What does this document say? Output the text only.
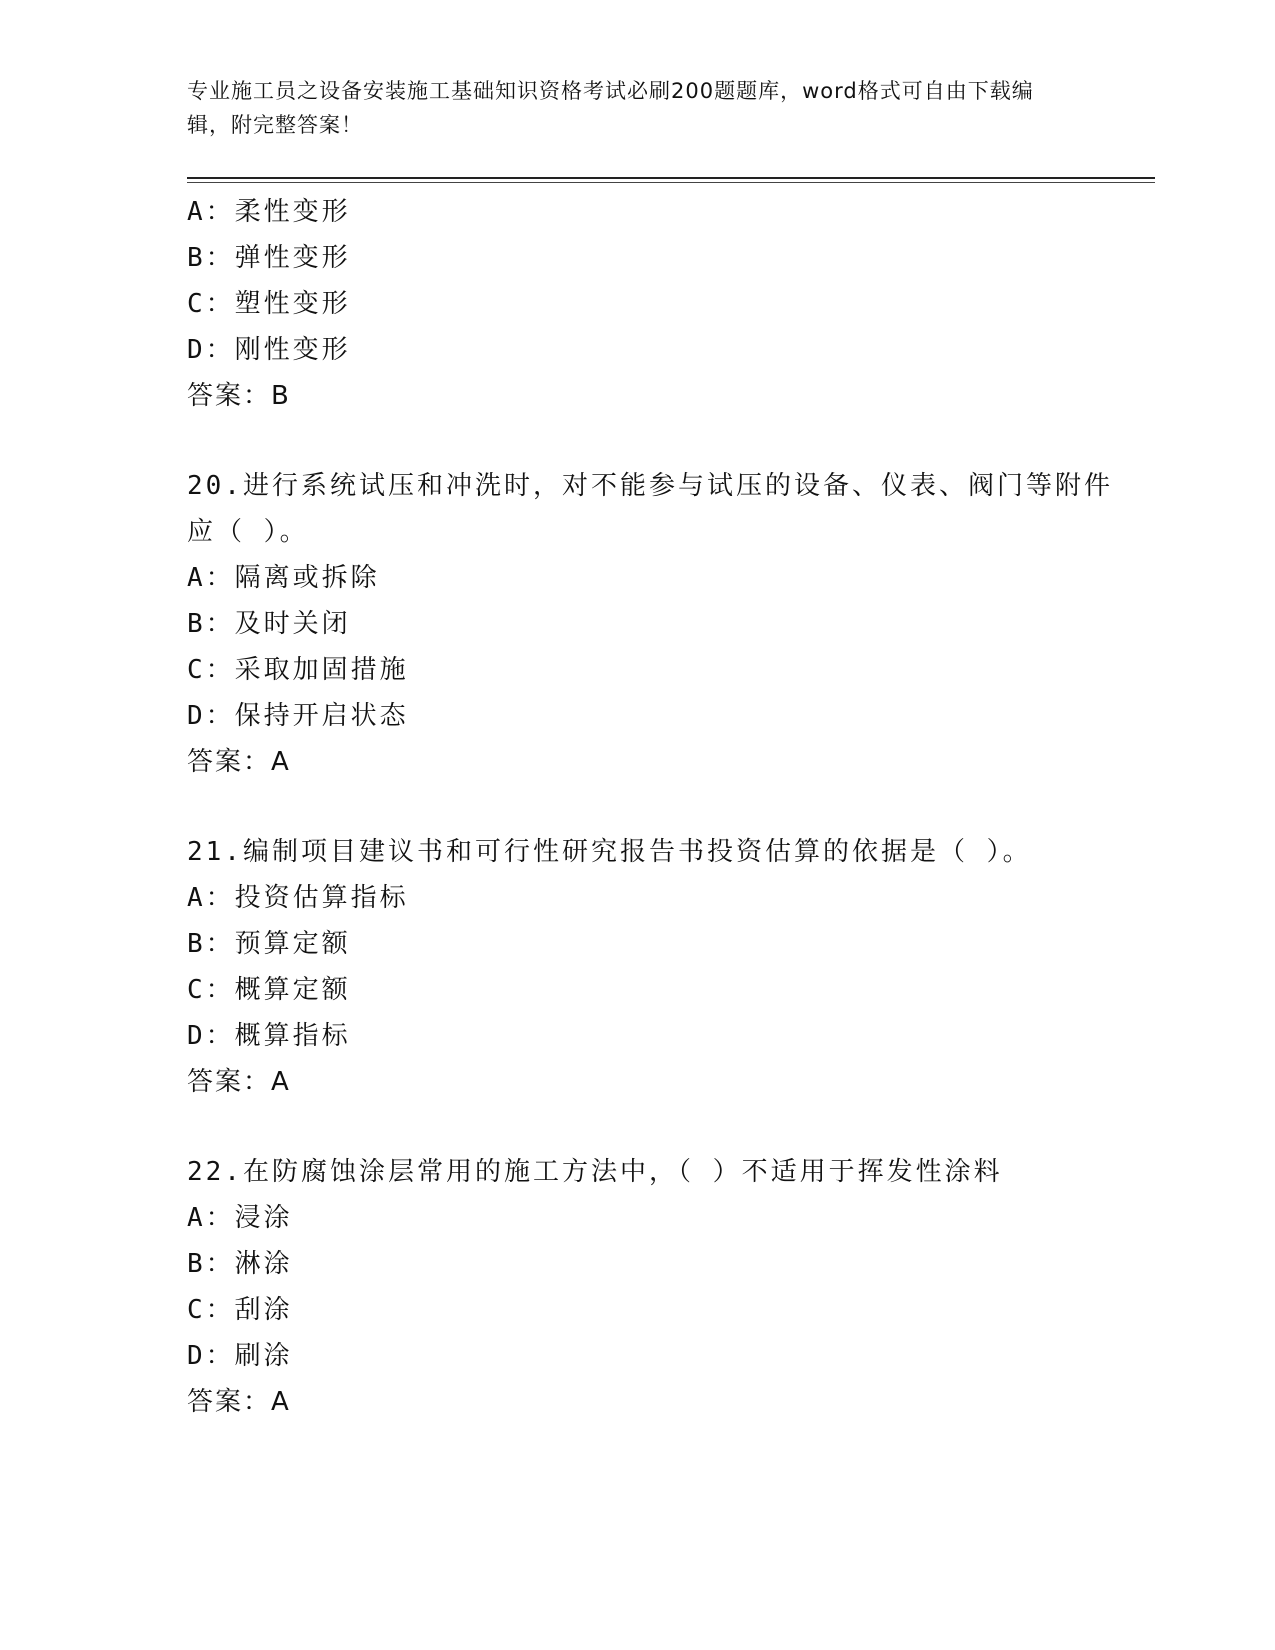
专业施工员之设备安装施工基础知识资格考试必刷200题题库，word格式可自由下载编辑，附完整答案！
A：柔性变形
B：弹性变形
C：塑性变形
D：刚性变形
答案：B
20.进行系统试压和冲洗时，对不能参与试压的设备、仪表、阀门等附件应（ ）。
A：隔离或拆除
B：及时关闭
C：采取加固措施
D：保持开启状态
答案：A
21.编制项目建议书和可行性研究报告书投资估算的依据是（ ）。
A：投资估算指标
B：预算定额
C：概算定额
D：概算指标
答案：A
22.在防腐蚀涂层常用的施工方法中，（ ）不适用于挥发性涂料
A：浸涂
B：淋涂
C：刮涂
D：刷涂
答案：A
